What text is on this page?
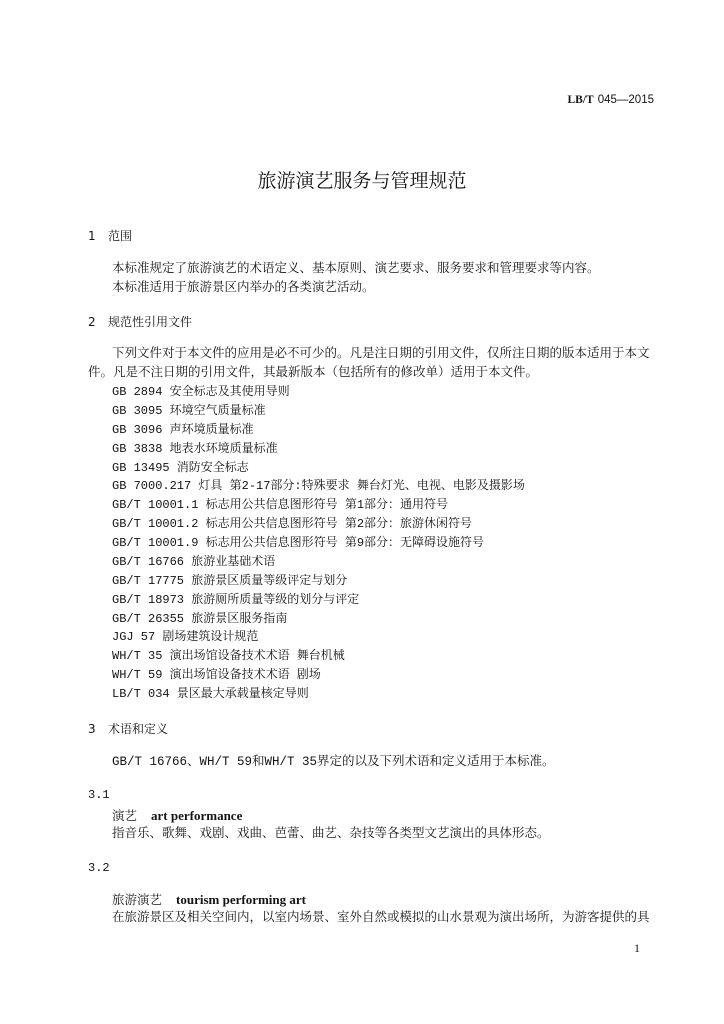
LB/T 045—2015
旅游演艺服务与管理规范
1 范围
本标准规定了旅游演艺的术语定义、基本原则、演艺要求、服务要求和管理要求等内容。
本标准适用于旅游景区内举办的各类演艺活动。
2 规范性引用文件
下列文件对于本文件的应用是必不可少的。凡是注日期的引用文件，仅所注日期的版本适用于本文
件。凡是不注日期的引用文件，其最新版本（包括所有的修改单）适用于本文件。
GB 2894 安全标志及其使用导则
GB 3095 环境空气质量标准
GB 3096 声环境质量标准
GB 3838 地表水环境质量标准
GB 13495 消防安全标志
GB 7000.217 灯具 第2-17部分:特殊要求 舞台灯光、电视、电影及摄影场
GB/T 10001.1 标志用公共信息图形符号 第1部分：通用符号
GB/T 10001.2 标志用公共信息图形符号 第2部分：旅游休闲符号
GB/T 10001.9 标志用公共信息图形符号 第9部分：无障碍设施符号
GB/T 16766 旅游业基础术语
GB/T 17775 旅游景区质量等级评定与划分
GB/T 18973 旅游厕所质量等级的划分与评定
GB/T 26355 旅游景区服务指南
JGJ 57 剧场建筑设计规范
WH/T 35 演出场馆设备技术术语 舞台机械
WH/T 59 演出场馆设备技术术语 剧场
LB/T 034 景区最大承载量核定导则
3 术语和定义
GB/T 16766、WH/T 59和WH/T 35界定的以及下列术语和定义适用于本标准。
3.1
演艺 art performance
指音乐、歌舞、戏剧、戏曲、芭蕾、曲艺、杂技等各类型文艺演出的具体形态。
3.2
旅游演艺 tourism performing art
在旅游景区及相关空间内，以室内场景、室外自然或模拟的山水景观为演出场所，为游客提供的具
1
